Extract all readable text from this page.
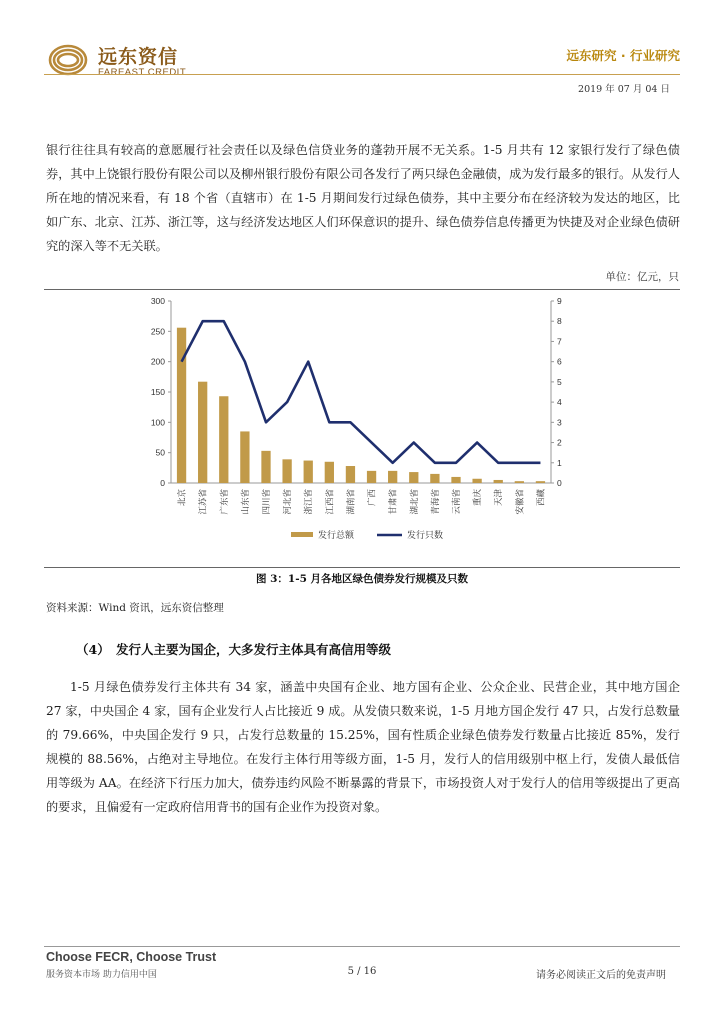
远东资信
FAREAST CREDIT
远东研究 · 行业研究
2019 年 07 月 04 日
银行往往具有较高的意愿履行社会责任以及绿色信贷业务的蓬勃开展不无关系。1-5 月共有 12 家银行发行了绿色债券，其中上饶银行股份有限公司以及柳州银行股份有限公司各发行了两只绿色金融债，成为发行最多的银行。从发行人所在地的情况来看，有 18 个省（直辖市）在 1-5 月期间发行过绿色债券，其中主要分布在经济较为发达的地区，比如广东、北京、江苏、浙江等，这与经济发达地区人们环保意识的提升、绿色债券信息传播更为快捷及对企业绿色债研究的深入等不无关联。
单位：亿元，只
0
50
100
150
200
250
300
0
1
2
3
4
5
6
7
8
9
北京 江苏省 广东省 山东省 四川省 河北省 浙江省 江西省 湖南省 广西 甘肃省 湖北省 青海省 云南省 重庆 天津 安徽省 西藏
发行总额	发行只数
图 3：1-5 月各地区绿色债券发行规模及只数
资料来源：Wind 资讯，远东资信整理
（4） 发行人主要为国企，大多发行主体具有高信用等级
1-5 月绿色债券发行主体共有 34 家，涵盖中央国有企业、地方国有企业、公众企业、民营企业，其中地方国企 27 家，中央国企 4 家，国有企业发行人占比接近 9 成。从发债只数来说，1-5 月地方国企发行 47 只，占发行总数量的 79.66%，中央国企发行 9 只，占发行总数量的 15.25%，国有性质企业绿色债券发行数量占比接近 85%，发行规模的 88.56%，占绝对主导地位。在发行主体行用等级方面，1-5 月，发行人的信用级别中枢上行，发债人最低信用等级为 AA。在经济下行压力加大，债券违约风险不断暴露的背景下，市场投资人对于发行人的信用等级提出了更高的要求，且偏爱有一定政府信用背书的国有企业作为投资对象。
Choose FECR, Choose Trust
服务资本市场 助力信用中国	5 / 16	请务必阅读正文后的免责声明
